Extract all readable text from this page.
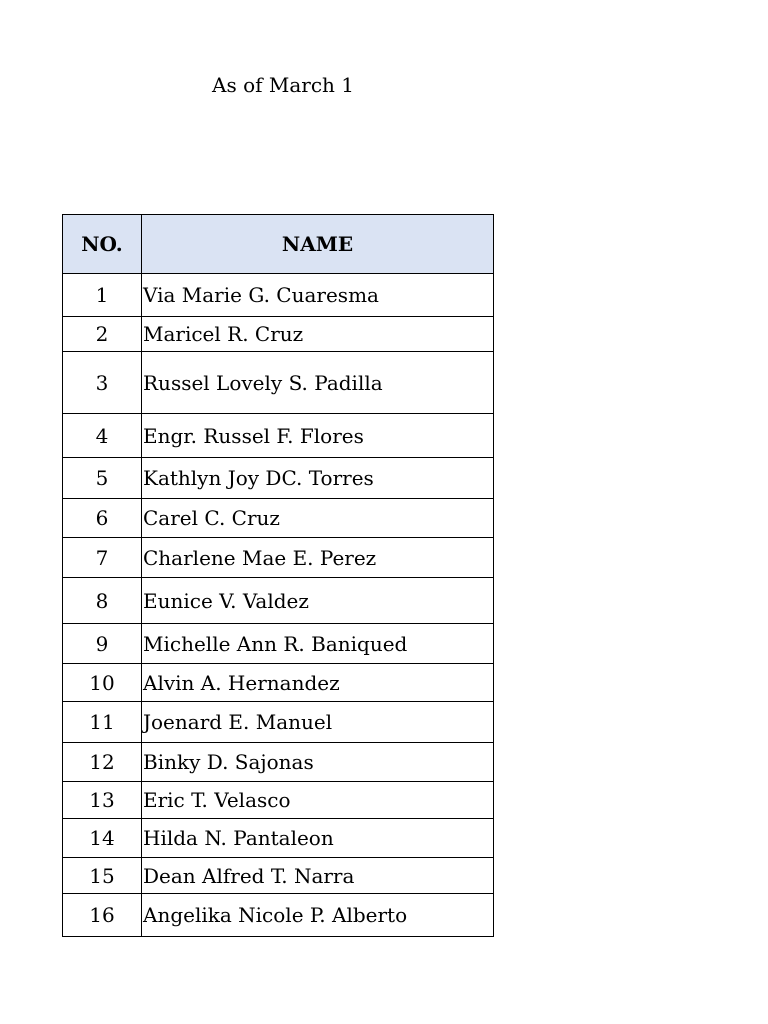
As of March 1
NO.	NAME
1	Via Marie G. Cuaresma
2	Maricel R. Cruz
3	Russel Lovely S. Padilla
4	Engr. Russel F. Flores
5	Kathlyn Joy DC. Torres
6	Carel C. Cruz
7	Charlene Mae E. Perez
8	Eunice V. Valdez
9	Michelle Ann R. Baniqued
10	Alvin A. Hernandez
11	Joenard E. Manuel
12	Binky D. Sajonas
13	Eric T. Velasco
14	Hilda N. Pantaleon
15	Dean Alfred T. Narra
16	Angelika Nicole P. Alberto
